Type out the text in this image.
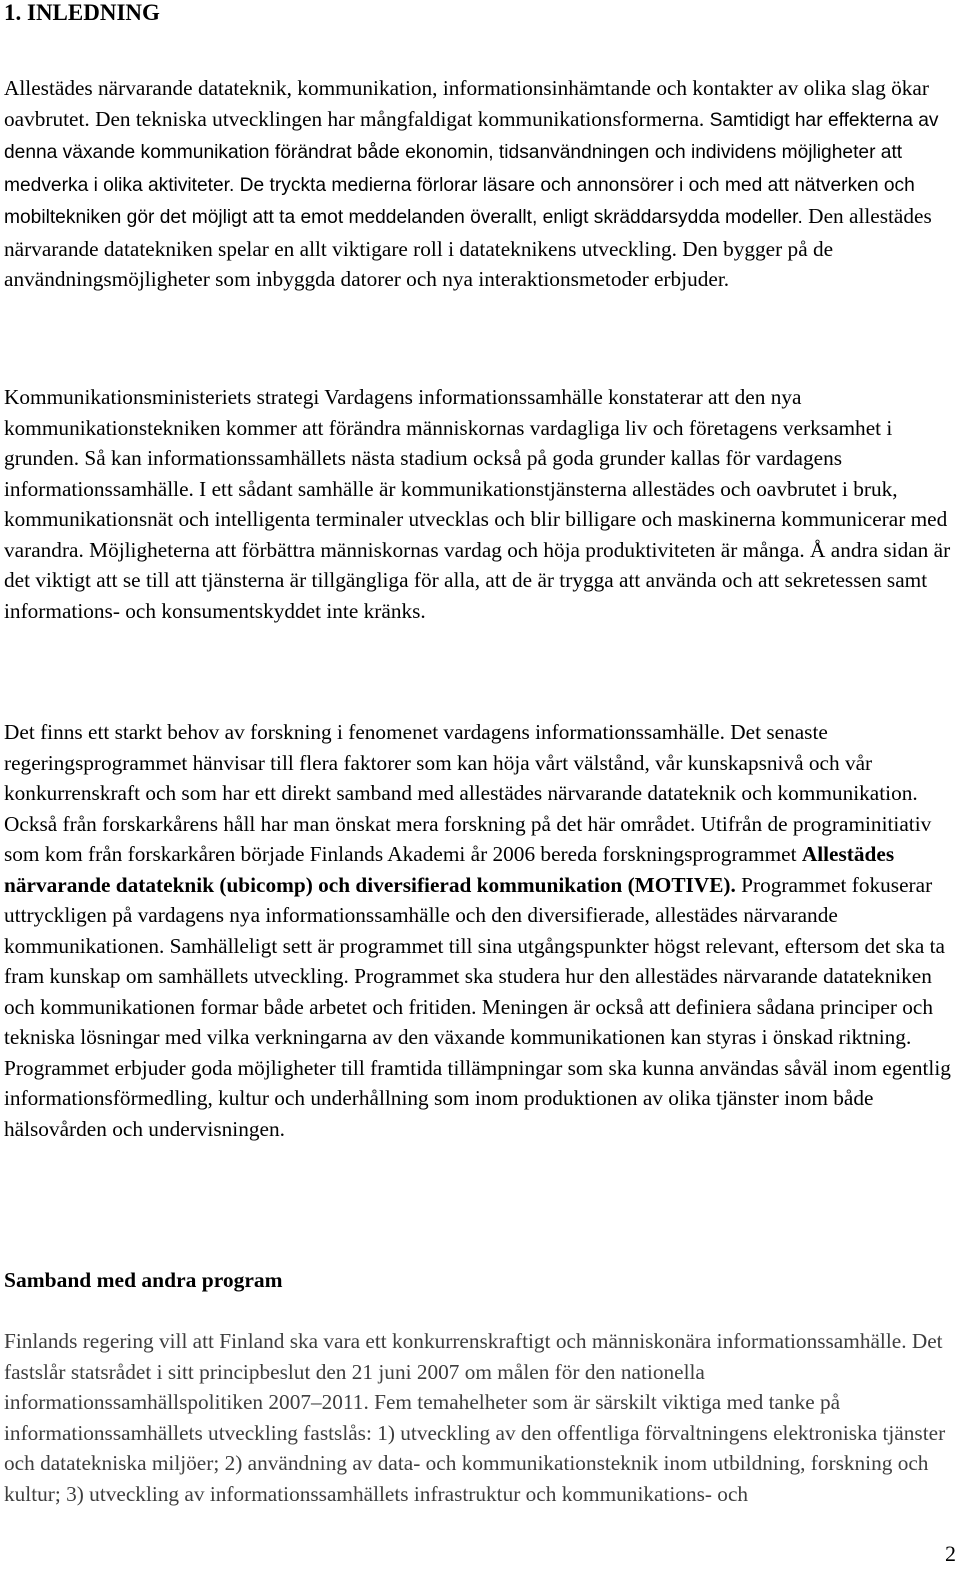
1. INLEDNING

Allestädes närvarande datateknik, kommunikation, informationsinhämtande och kontakter av olika slag ökar oavbrutet. Den tekniska utvecklingen har mångfaldigat kommunikationsformerna. Samtidigt har effekterna av denna växande kommunikation förändrat både ekonomin, tidsanvändningen och individens möjligheter att medverka i olika aktiviteter. De tryckta medierna förlorar läsare och annonsörer i och med att nätverken och mobiltekniken gör det möjligt att ta emot meddelanden överallt, enligt skräddarsydda modeller. Den allestädes närvarande datatekniken spelar en allt viktigare roll i datateknikens utveckling. Den bygger på de användningsmöjligheter som inbyggda datorer och nya interaktionsmetoder erbjuder.

Kommunikationsministeriets strategi Vardagens informationssamhälle konstaterar att den nya kommunikationstekniken kommer att förändra människornas vardagliga liv och företagens verksamhet i grunden. Så kan informationssamhällets nästa stadium också på goda grunder kallas för vardagens informationssamhälle. I ett sådant samhälle är kommunikationstjänsterna allestädes och oavbrutet i bruk, kommunikationsnät och intelligenta terminaler utvecklas och blir billigare och maskinerna kommunicerar med varandra. Möjligheterna att förbättra människornas vardag och höja produktiviteten är många. Å andra sidan är det viktigt att se till att tjänsterna är tillgängliga för alla, att de är trygga att använda och att sekretessen samt informations- och konsumentskyddet inte kränks.

Det finns ett starkt behov av forskning i fenomenet vardagens informationssamhälle. Det senaste regeringsprogrammet hänvisar till flera faktorer som kan höja vårt välstånd, vår kunskapsnivå och vår konkurrenskraft och som har ett direkt samband med allestädes närvarande datateknik och kommunikation. Också från forskarkårens håll har man önskat mera forskning på det här området. Utifrån de programinitiativ som kom från forskarkåren började Finlands Akademi år 2006 bereda forskningsprogrammet Allestädes närvarande datateknik (ubicomp) och diversifierad kommunikation (MOTIVE). Programmet fokuserar uttryckligen på vardagens nya informationssamhälle och den diversifierade, allestädes närvarande kommunikationen. Samhälleligt sett är programmet till sina utgångspunkter högst relevant, eftersom det ska ta fram kunskap om samhällets utveckling. Programmet ska studera hur den allestädes närvarande datatekniken och kommunikationen formar både arbetet och fritiden. Meningen är också att definiera sådana principer och tekniska lösningar med vilka verkningarna av den växande kommunikationen kan styras i önskad riktning. Programmet erbjuder goda möjligheter till framtida tillämpningar som ska kunna användas såväl inom egentlig informationsförmedling, kultur och underhållning som inom produktionen av olika tjänster inom både hälsovården och undervisningen.

Samband med andra program

Finlands regering vill att Finland ska vara ett konkurrenskraftigt och människonära informationssamhälle. Det fastslår statsrådet i sitt principbeslut den 21 juni 2007 om målen för den nationella informationssamhällspolitiken 2007–2011. Fem temahelheter som är särskilt viktiga med tanke på informationssamhällets utveckling fastslås: 1) utveckling av den offentliga förvaltningens elektroniska tjänster och datatekniska miljöer; 2) användning av data- och kommunikationsteknik inom utbildning, forskning och kultur; 3) utveckling av informationssamhällets infrastruktur och kommunikations- och

2
